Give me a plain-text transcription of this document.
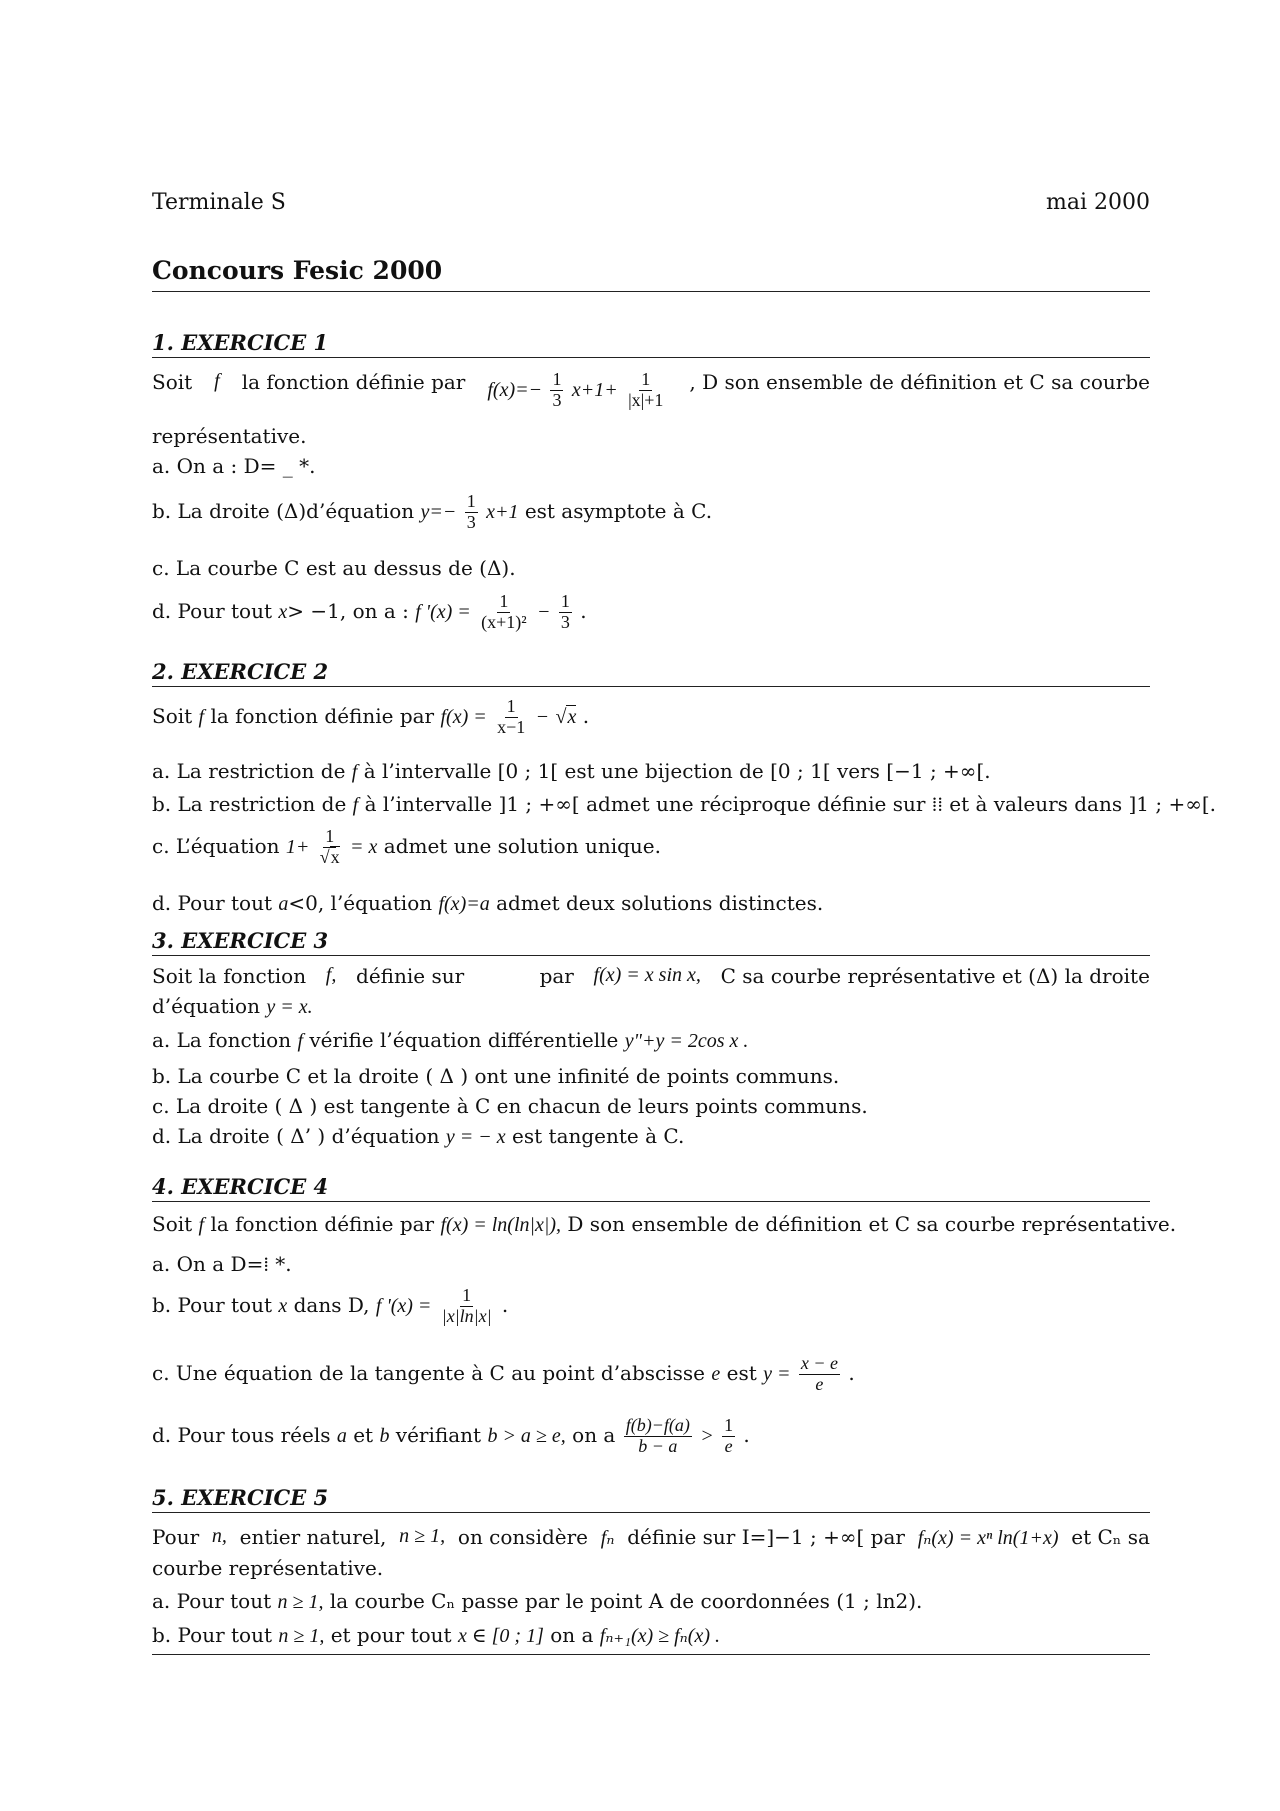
Terminale S	mai 2000
Concours Fesic 2000
1. EXERCICE 1
Soit f la fonction définie par $f(x)=- \frac{1}{3} x+1+ \frac{1}{|x|+1}$ , D son ensemble de définition et C sa courbe
représentative.
a. On a : D= _ *.
b. La droite (Δ)d’équation $y=- \frac{1}{3} x+1$ est asymptote à C.
c. La courbe C est au dessus de (Δ).
d. Pour tout x> −1, on a : f '$(x) = \frac{1}{\text{(x+1)²}} - \frac{1}{3}$ .
2. EXERCICE 2
Soit f la fonction définie par $f(x) = \frac{1}{x-1} - √x$ .
a. La restriction de f à l’intervalle [0 ; 1[ est une bijection de [0 ; 1[ vers [−1 ; +∞[.
b. La restriction de f à l’intervalle ]1 ; +∞[ admet une réciproque définie sur ⁞⁞ et à valeurs dans ]1 ; +∞[.
c. L’équation $1+ \frac{1}{√x} = x$ admet une solution unique.
d. Pour tout a<0, l’équation f(x)=a admet deux solutions distinctes.
3. EXERCICE 3
Soit la fonction f, définie sur	par f(x) = x sin x, C sa courbe représentative et (Δ) la droite
d’équation y = x.
a. La fonction f vérifie l’équation différentielle y"+y = 2cos x .
b. La courbe C et la droite ( Δ ) ont une infinité de points communs.
c. La droite ( Δ ) est tangente à C en chacun de leurs points communs.
d. La droite ( Δ’ ) d’équation y = − x est tangente à C.
4. EXERCICE 4
Soit f la fonction définie par f(x) = ln(ln|x|), D son ensemble de définition et C sa courbe représentative.
a. On a D=⁞ *.
b. Pour tout x dans D, f '$(x) = \frac{1}{|x|\ln|x|}$ .
c. Une équation de la tangente à C au point d’abscisse e est $y = \frac{x - e}{e}$ .
d. Pour tous réels a et b vérifiant b > a ≥ e, on a $\frac{f(b)-f(a)}{b - a} > \frac{1}{e}$ .
5. EXERCICE 5
Pour n, entier naturel, n ≥ 1, on considère fₙ définie sur I=]−1 ; +∞[ par fₙ(x) = xⁿ ln(1+x) et Cₙ sa
courbe représentative.
a. Pour tout n ≥ 1, la courbe Cₙ passe par le point A de coordonnées (1 ; ln2).
b. Pour tout n ≥ 1, et pour tout x ∈ [0 ; 1] on a fₙ₊₁(x) ≥ fₙ(x) .
